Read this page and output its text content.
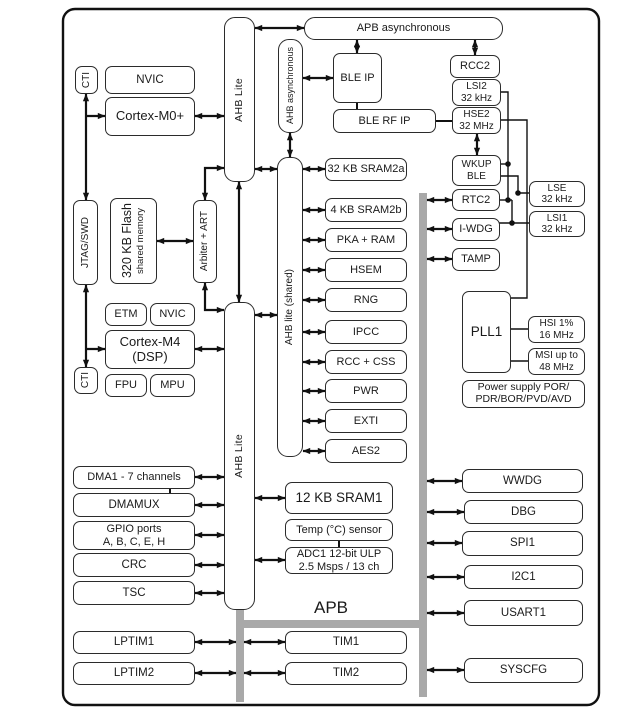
CTI	NVIC
Cortex-M0+	AHB Lite	AHB asynchronous
APB asynchronous
BLE IP
BLE RF IP
RCC2
LSI2
32 kHz
HSE2
32 MHz
WKUP
BLE
JTAG/SWD 320 KB Flash shared memory	Arbiter + ART
AHB lite (shared)
32 KB SRAM2a
4 KB SRAM2b
PKA + RAM
HSEM
RNG
IPCC
RCC + CSS
PWR
EXTI
AES2
RTC2
I-WDG
TAMP
LSE
32 kHz
LSI1
32 kHz
PLL1
HSI 1%
16 MHz
MSI up to
48 MHz
Power supply POR/
PDR/BOR/PVD/AVD
ETM NVIC
Cortex-M4
(DSP)
CTI FPU MPU
AHB Lite
DMA1 - 7 channels
DMAMUX
GPIO ports
A, B, C, E, H
CRC
TSC
12 KB SRAM1
Temp (°C) sensor
ADC1 12-bit ULP
2.5 Msps / 13 ch
APB
LPTIM1
LPTIM2
TIM1
TIM2
WWDG
DBG
SPI1
I2C1
USART1
SYSCFG
